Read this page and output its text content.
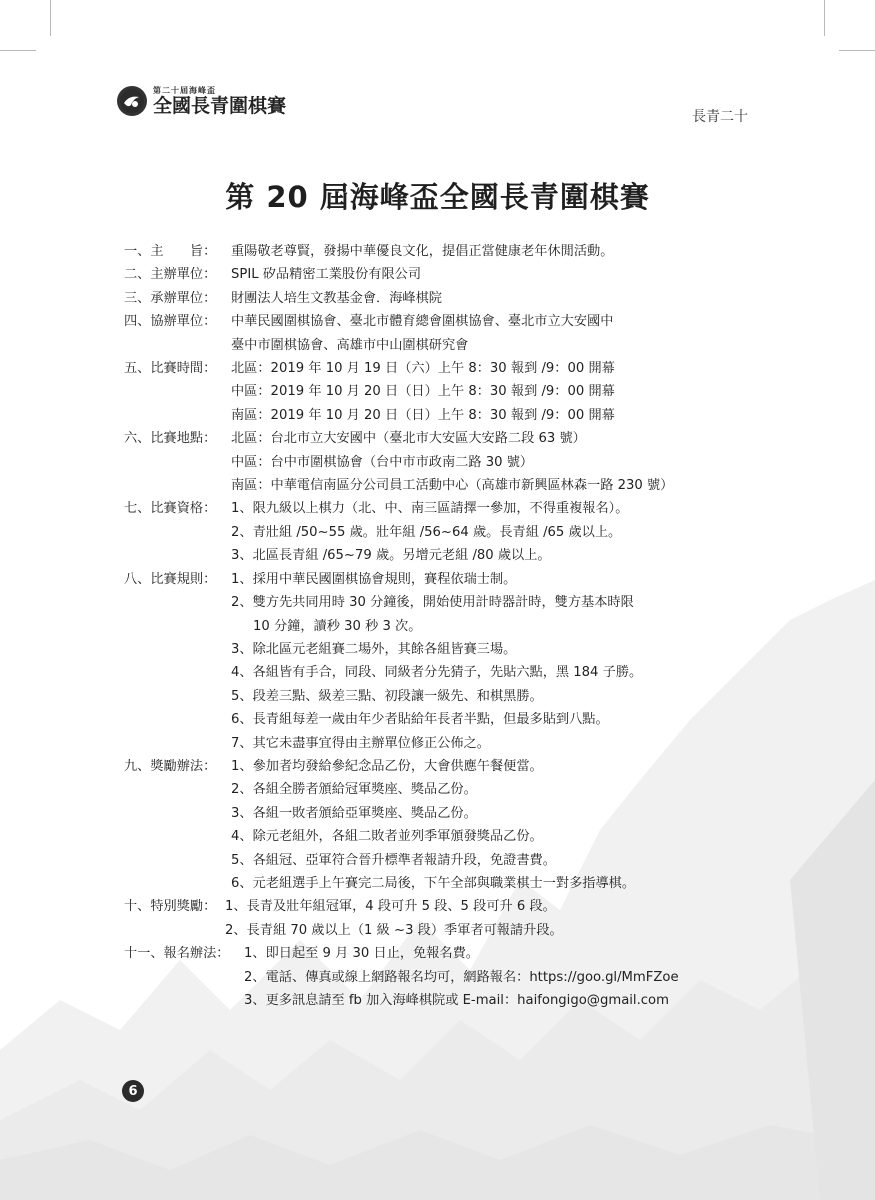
第二十屆海峰盃
全國長青圍棋賽
長青二十
第 20 屆海峰盃全國長青圍棋賽
一、主　　旨：	重陽敬老尊賢，發揚中華優良文化，提倡正當健康老年休閒活動。
二、主辦單位：	SPIL 矽品精密工業股份有限公司
三、承辦單位：	財團法人培生文教基金會．海峰棋院
四、協辦單位：	中華民國圍棋協會、臺北市體育總會圍棋協會、臺北市立大安國中
臺中市圍棋協會、高雄市中山圍棋研究會
五、比賽時間：	北區：2019 年 10 月 19 日（六）上午 8：30 報到 /9：00 開幕
中區：2019 年 10 月 20 日（日）上午 8：30 報到 /9：00 開幕
南區：2019 年 10 月 20 日（日）上午 8：30 報到 /9：00 開幕
六、比賽地點：	北區：台北市立大安國中（臺北市大安區大安路二段 63 號）
中區：台中市圍棋協會（台中市市政南二路 30 號）
南區：中華電信南區分公司員工活動中心（高雄市新興區林森一路 230 號）
七、比賽資格：	1、限九級以上棋力（北、中、南三區請擇一參加，不得重複報名）。
2、青壯組 /50~55 歲。壯年組 /56~64 歲。長青組 /65 歲以上。
3、北區長青組 /65~79 歲。另增元老組 /80 歲以上。
八、比賽規則：	1、採用中華民國圍棋協會規則，賽程依瑞士制。
2、雙方先共同用時 30 分鐘後，開始使用計時器計時，雙方基本時限
10 分鐘，讀秒 30 秒 3 次。
3、除北區元老組賽二場外，其餘各組皆賽三場。
4、各組皆有手合，同段、同級者分先猜子，先貼六點，黑 184 子勝。
5、段差三點、級差三點、初段讓一級先、和棋黑勝。
6、長青組每差一歲由年少者貼給年長者半點，但最多貼到八點。
7、其它未盡事宜得由主辦單位修正公佈之。
九、獎勵辦法：	1、參加者均發給參紀念品乙份，大會供應午餐便當。
2、各組全勝者頒給冠軍獎座、獎品乙份。
3、各組一敗者頒給亞軍獎座、獎品乙份。
4、除元老組外，各組二敗者並列季軍頒發獎品乙份。
5、各組冠、亞軍符合晉升標準者報請升段，免證書費。
6、元老組選手上午賽完二局後，下午全部與職業棋士一對多指導棋。
十、特別獎勵： 1、長青及壯年組冠軍，4 段可升 5 段、5 段可升 6 段。
2、長青組 70 歲以上（1 級 ~3 段）季軍者可報請升段。
十一、報名辦法：	1、即日起至 9 月 30 日止，免報名費。
2、電話、傳真或線上網路報名均可，網路報名：https://goo.gl/MmFZoe
3、更多訊息請至 fb 加入海峰棋院或 E-mail：haifongigo@gmail.com
6
